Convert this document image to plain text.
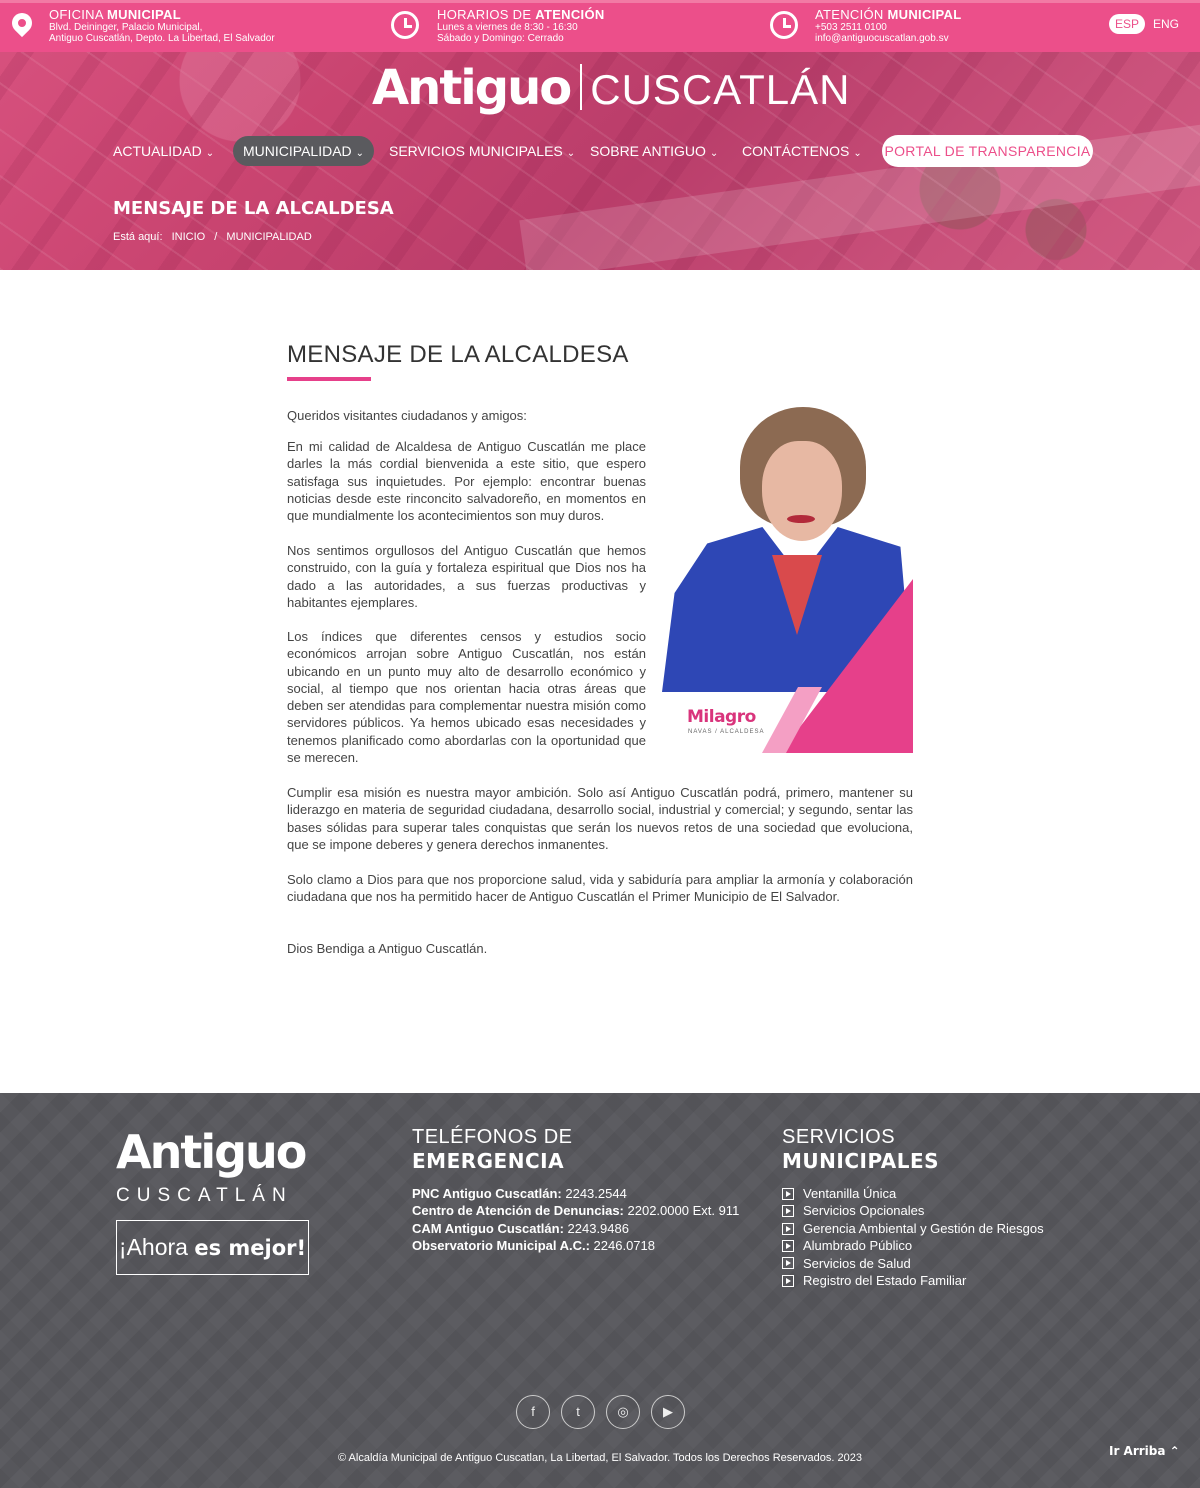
OFICINA MUNICIPAL
Blvd. Deininger, Palacio Municipal,
Antiguo Cuscatlán, Depto. La Libertad, El Salvador
HORARIOS DE ATENCIÓN
Lunes a viernes de 8:30 - 16:30
Sábado y Domingo: Cerrado
ATENCIÓN MUNICIPAL
+503 2511 0100
info@antiguocuscatlan.gob.sv
ESP	ENG
Antiguo CUSCATLÁN
ACTUALIDAD ⌄	MUNICIPALIDAD ⌄	SERVICIOS MUNICIPALES ⌄ SOBRE ANTIGUO ⌄ CONTÁCTENOS ⌄ PORTAL DE TRANSPARENCIA
MENSAJE DE LA ALCALDESA
Está aquí: INICIO / MUNICIPALIDAD
MENSAJE DE LA ALCALDESA

Queridos visitantes ciudadanos y amigos:

En mi calidad de Alcaldesa de Antiguo Cuscatlán me place darles la más cordial bienvenida a este sitio, que espero satisfaga sus inquietudes. Por ejemplo: encontrar buenas noticias desde este rinconcito salvadoreño, en momentos en que mundialmente los acontecimientos son muy duros.

Nos sentimos orgullosos del Antiguo Cuscatlán que hemos construido, con la guía y fortaleza espiritual que Dios nos ha dado a las autoridades, a sus fuerzas productivas y habitantes ejemplares.

Los índices que diferentes censos y estudios socio económicos arrojan sobre Antiguo Cuscatlán, nos están ubicando en un punto muy alto de desarrollo económico y social, al tiempo que nos orientan hacia otras áreas que deben ser atendidas para complementar nuestra misión como servidores públicos. Ya hemos ubicado esas necesidades y tenemos planificado como abordarlas con la oportunidad que se merecen.

Cumplir esa misión es nuestra mayor ambición. Solo así Antiguo Cuscatlán podrá, primero, mantener su liderazgo en materia de seguridad ciudadana, desarrollo social, industrial y comercial; y segundo, sentar las bases sólidas para superar tales conquistas que serán los nuevos retos de una sociedad que evoluciona, que se impone deberes y genera derechos inmanentes.

Solo clamo a Dios para que nos proporcione salud, vida y sabiduría para ampliar la armonía y colaboración ciudadana que nos ha permitido hacer de Antiguo Cuscatlán el Primer Municipio de El Salvador.

Dios Bendiga a Antiguo Cuscatlán.

Milagro
NAVAS / ALCALDESA
Antiguo
CUSCATLÁN
¡Ahora es mejor!
TELÉFONOS DE
EMERGENCIA
PNC Antiguo Cuscatlán: 2243.2544
Centro de Atención de Denuncias: 2202.0000 Ext. 911
CAM Antiguo Cuscatlán: 2243.9486
Observatorio Municipal A.C.: 2246.0718
SERVICIOS
MUNICIPALES
Ventanilla Única
Servicios Opcionales
Gerencia Ambiental y Gestión de Riesgos
Alumbrado Público
Servicios de Salud
Registro del Estado Familiar
f	t	◎	▶
© Alcaldía Municipal de Antiguo Cuscatlan, La Libertad, El Salvador. Todos los Derechos Reservados. 2023	Ir Arriba ⌃
